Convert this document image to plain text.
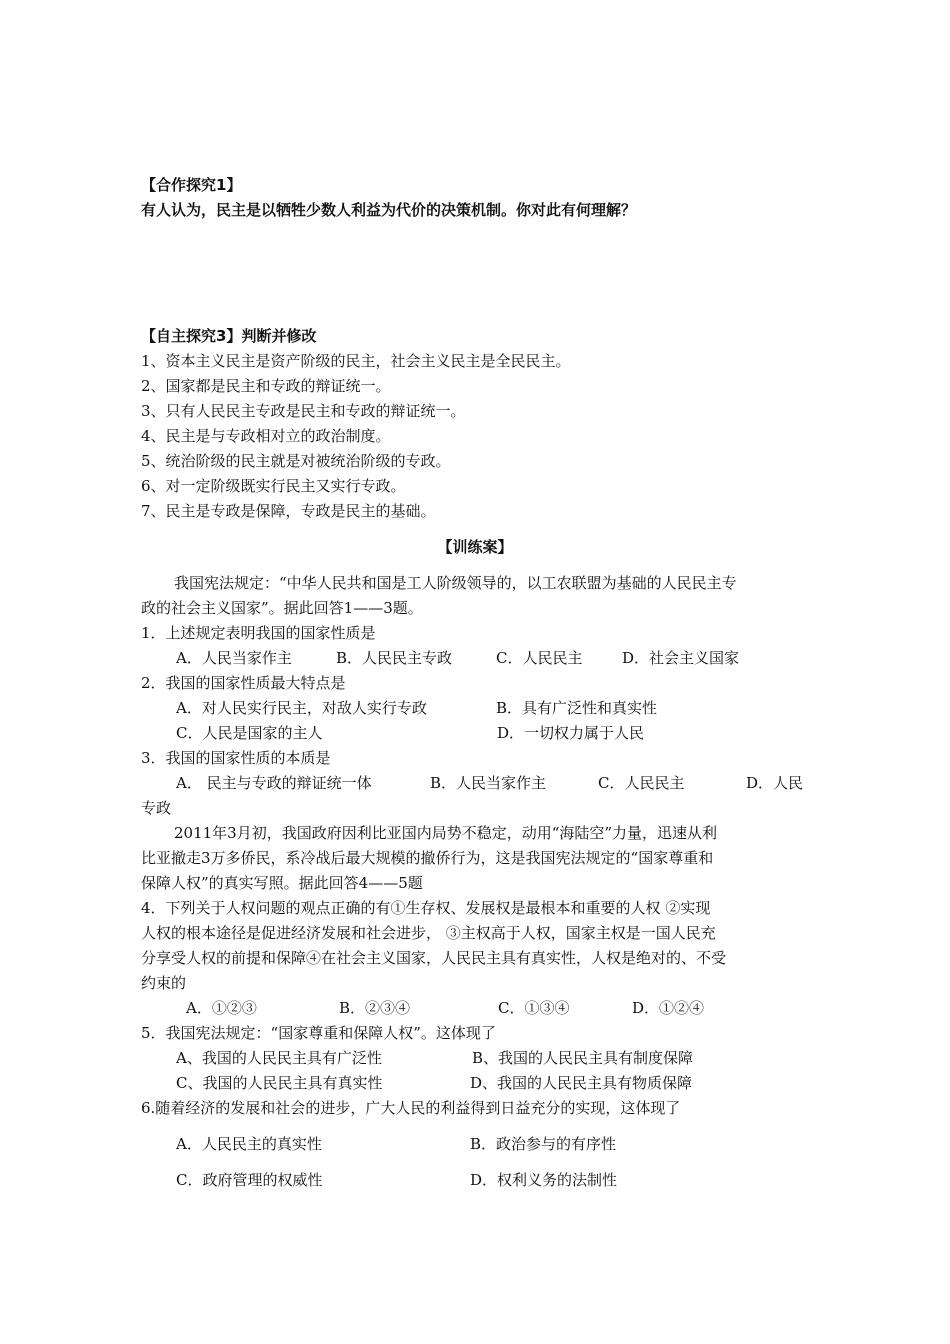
【合作探究1】
有人认为，民主是以牺牲少数人利益为代价的决策机制。你对此有何理解？
【自主探究3】判断并修改
1、资本主义民主是资产阶级的民主，社会主义民主是全民民主。
2、国家都是民主和专政的辩证统一。
3、只有人民民主专政是民主和专政的辩证统一。
4、民主是与专政相对立的政治制度。
5、统治阶级的民主就是对被统治阶级的专政。
6、对一定阶级既实行民主又实行专政。
7、民主是专政是保障，专政是民主的基础。
【训练案】
我国宪法规定：“中华人民共和国是工人阶级领导的，以工农联盟为基础的人民民主专
政的社会主义国家”。据此回答1——3题。
1．上述规定表明我国的国家性质是
A．人民当家作主	B．人民民主专政	C．人民民主	D．社会主义国家
2．我国的国家性质最大特点是
A．对人民实行民主，对敌人实行专政	B．具有广泛性和真实性
C．人民是国家的主人	D．一切权力属于人民
3．我国的国家性质的本质是
A． 民主与专政的辩证统一体	B．人民当家作主	C．人民民主	D．人民
专政
2011年3月初，我国政府因利比亚国内局势不稳定，动用“海陆空”力量，迅速从利
比亚撤走3万多侨民，系冷战后最大规模的撤侨行为，这是我国宪法规定的“国家尊重和
保障人权”的真实写照。据此回答4——5题
4．下列关于人权问题的观点正确的有①生存权、发展权是最根本和重要的人权 ②实现
人权的根本途径是促进经济发展和社会进步， ③主权高于人权，国家主权是一国人民充
分享受人权的前提和保障④在社会主义国家，人民民主具有真实性，人权是绝对的、不受
约束的
A．①②③	B．②③④	C．①③④	D．①②④
5．我国宪法规定：“国家尊重和保障人权”。这体现了
A、我国的人民民主具有广泛性	B、我国的人民民主具有制度保障
C、我国的人民民主具有真实性	D、我国的人民民主具有物质保障
6.随着经济的发展和社会的进步，广大人民的利益得到日益充分的实现，这体现了
A．人民民主的真实性	B．政治参与的有序性
C．政府管理的权威性	D．权利义务的法制性
